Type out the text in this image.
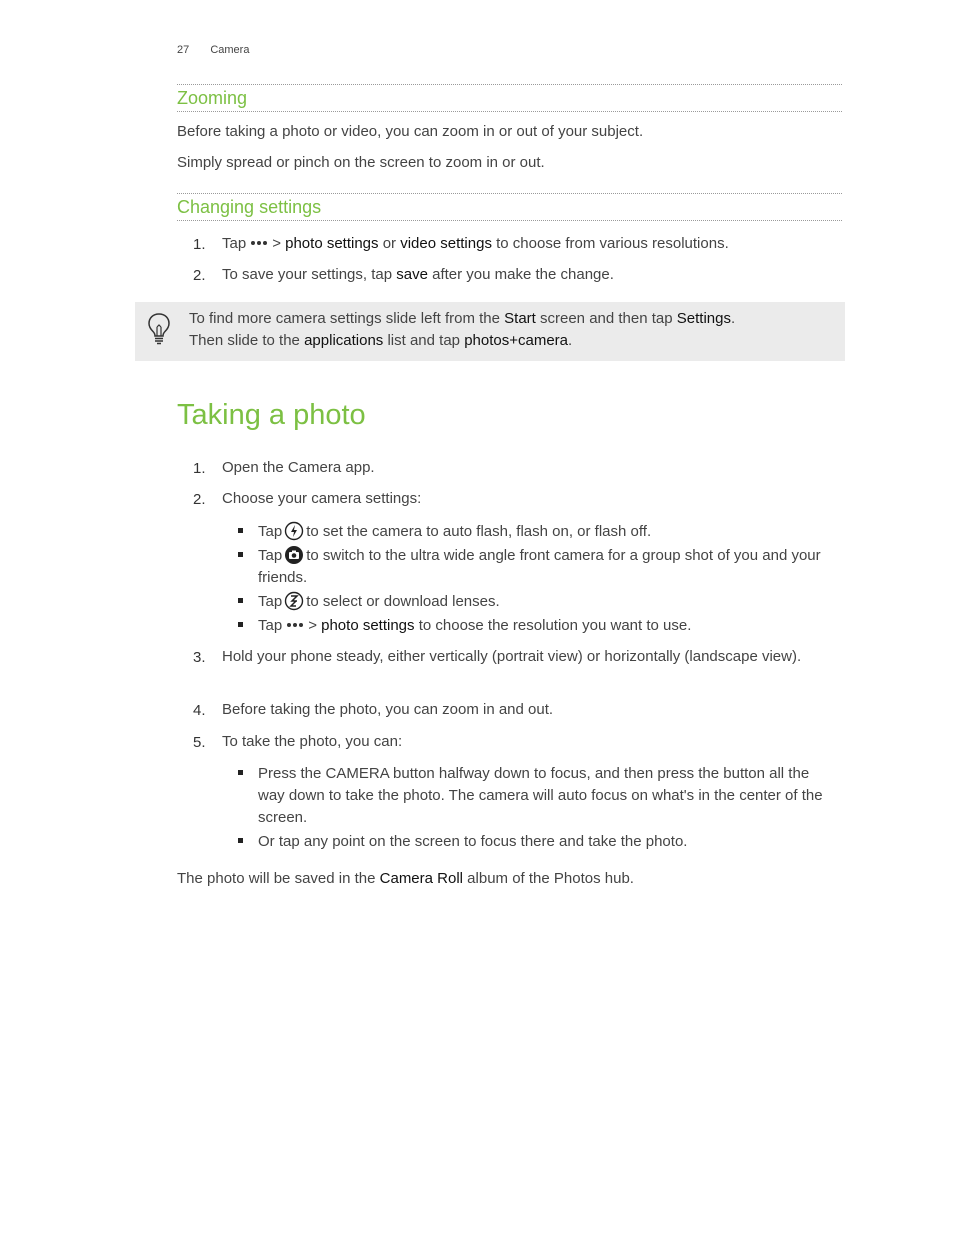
27 Camera
Zooming
Before taking a photo or video, you can zoom in or out of your subject.
Simply spread or pinch on the screen to zoom in or out.
Changing settings
1.	Tap > photo settings or video settings to choose from various resolutions.
2.	To save your settings, tap save after you make the change.
To find more camera settings slide left from the Start screen and then tap Settings.
Then slide to the applications list and tap photos+camera.
Taking a photo
1.	Open the Camera app.
2.	Choose your camera settings:
Tap to set the camera to auto flash, flash on, or flash off.
Tap to switch to the ultra wide angle front camera for a group shot of you and your friends.
Tap to select or download lenses.
Tap > photo settings to choose the resolution you want to use.
3.	Hold your phone steady, either vertically (portrait view) or horizontally (landscape view).
4.	Before taking the photo, you can zoom in and out.
5.	To take the photo, you can:
Press the CAMERA button halfway down to focus, and then press the button all the way down to take the photo. The camera will auto focus on what's in the center of the screen.
Or tap any point on the screen to focus there and take the photo.
The photo will be saved in the Camera Roll album of the Photos hub.
